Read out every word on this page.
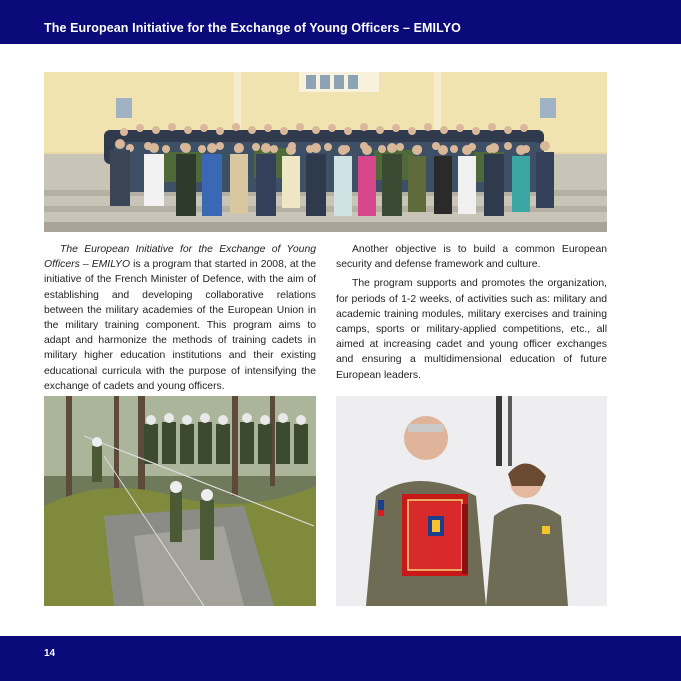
The European Initiative for the Exchange of Young Officers – EMILYO

The European Initiative for the Exchange of Young Officers – EMILYO is a program that started in 2008, at the initiative of the French Minister of Defence, with the aim of establishing and developing collaborative relations between the military academies of the European Union in the military training component. This program aims to adapt and harmonize the methods of training cadets in military higher education institutions and their existing educational curricula with the purpose of intensifying the exchange of cadets and young officers.

Another objective is to build a common European security and defense framework and culture.

The program supports and promotes the organization, for periods of 1-2 weeks, of activities such as: military and academic training modules, military exercises and training camps, sports or military-applied competitions, etc., all aimed at increasing cadet and young officer exchanges and ensuring a multidimensional education of future European leaders.

14
